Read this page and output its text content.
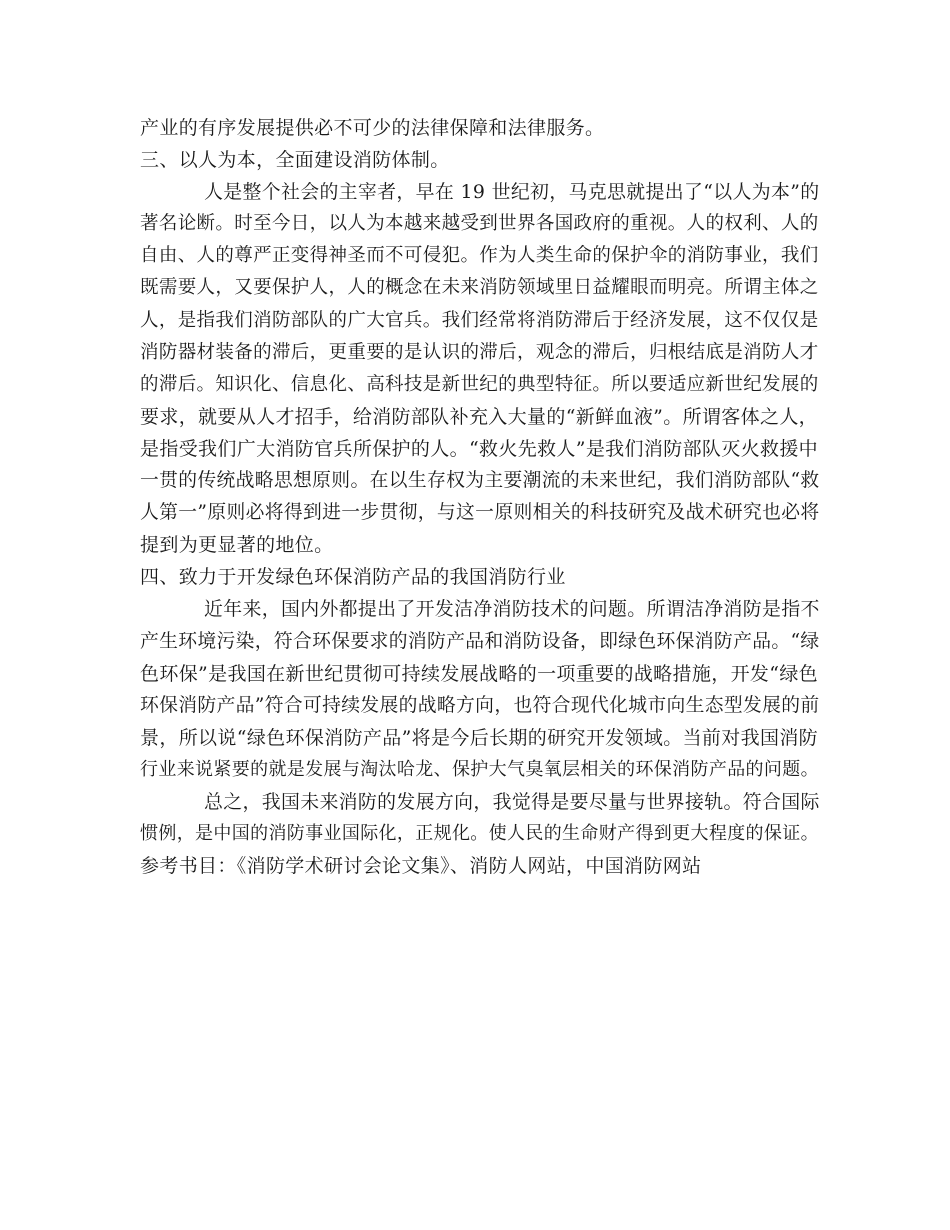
产业的有序发展提供必不可少的法律保障和法律服务。
三、以人为本，全面建设消防体制。
人是整个社会的主宰者，早在 19 世纪初，马克思就提出了“以人为本”的
著名论断。时至今日，以人为本越来越受到世界各国政府的重视。人的权利、人的
自由、人的尊严正变得神圣而不可侵犯。作为人类生命的保护伞的消防事业，我们
既需要人，又要保护人，人的概念在未来消防领域里日益耀眼而明亮。所谓主体之
人，是指我们消防部队的广大官兵。我们经常将消防滞后于经济发展，这不仅仅是
消防器材装备的滞后，更重要的是认识的滞后，观念的滞后，归根结底是消防人才
的滞后。知识化、信息化、高科技是新世纪的典型特征。所以要适应新世纪发展的
要求，就要从人才招手，给消防部队补充入大量的“新鲜血液”。所谓客体之人，
是指受我们广大消防官兵所保护的人。“救火先救人”是我们消防部队灭火救援中
一贯的传统战略思想原则。在以生存权为主要潮流的未来世纪，我们消防部队“救
人第一”原则必将得到进一步贯彻，与这一原则相关的科技研究及战术研究也必将
提到为更显著的地位。
四、致力于开发绿色环保消防产品的我国消防行业
近年来，国内外都提出了开发洁净消防技术的问题。所谓洁净消防是指不
产生环境污染，符合环保要求的消防产品和消防设备，即绿色环保消防产品。“绿
色环保”是我国在新世纪贯彻可持续发展战略的一项重要的战略措施，开发“绿色
环保消防产品”符合可持续发展的战略方向，也符合现代化城市向生态型发展的前
景，所以说“绿色环保消防产品”将是今后长期的研究开发领域。当前对我国消防
行业来说紧要的就是发展与淘汰哈龙、保护大气臭氧层相关的环保消防产品的问题。
总之，我国未来消防的发展方向，我觉得是要尽量与世界接轨。符合国际
惯例，是中国的消防事业国际化，正规化。使人民的生命财产得到更大程度的保证。
参考书目：《消防学术研讨会论文集》、消防人网站，中国消防网站
